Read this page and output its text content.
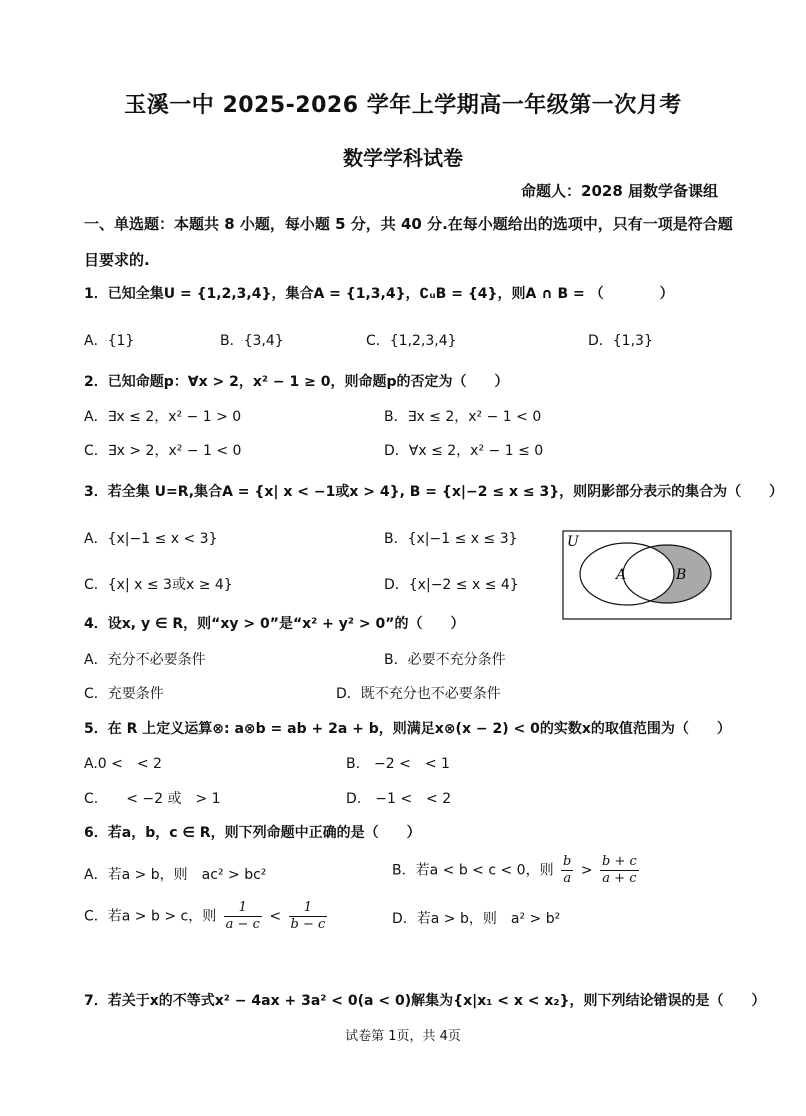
玉溪一中 2025-2026 学年上学期高一年级第一次月考
数学学科试卷
命题人：2028 届数学备课组
一、单选题：本题共 8 小题，每小题 5 分，共 40 分.在每小题给出的选项中，只有一项是符合题目要求的.
1．已知全集U = {1,2,3,4}，集合A = {1,3,4}，∁ᵤB = {4}，则A ∩ B = （　　　　）
A．{1}	B．{3,4}	C．{1,2,3,4}	D．{1,3}
2．已知命题p：∀x > 2，x² − 1 ≥ 0，则命题p的否定为（　　）
A．∃x ≤ 2，x² − 1 > 0	B．∃x ≤ 2，x² − 1 < 0
C．∃x > 2，x² − 1 < 0	D．∀x ≤ 2，x² − 1 ≤ 0
3．若全集 U=R,集合A = {x| x < −1或x > 4}, B = {x|−2 ≤ x ≤ 3}，则阴影部分表示的集合为（　　）
A．{x|−1 ≤ x < 3}	B．{x|−1 ≤ x ≤ 3}
C．{x| x ≤ 3或x ≥ 4}	D．{x|−2 ≤ x ≤ 4}
U
A	B
4．设x, y ∈ R，则“xy > 0”是“x² + y² > 0”的（　　）
A．充分不必要条件	B．必要不充分条件
C．充要条件	D．既不充分也不必要条件
5．在 R 上定义运算⊗: a⊗b = ab + 2a + b，则满足x⊗(x − 2) < 0的实数x的取值范围为（　　）
A.0 <　< 2	B.　−2 <　< 1
C.　　< −2 或　> 1	D.　−1 <　< 2
6．若a，b，c ∈ R，则下列命题中正确的是（　　）
A．若a > b，则　ac² > bc²	B．若a < b < c < 0，则 $\frac{b}{a} > \frac{b + c}{a + c}$
C．若a > b > c，则 $\frac{1}{a - c} < \frac{1}{b - c}$	D．若a > b，则　a² > b²
7．若关于x的不等式x² − 4ax + 3a² < 0(a < 0)解集为{x|x₁ < x < x₂}，则下列结论错误的是（　　）
试卷第 1页，共 4页
